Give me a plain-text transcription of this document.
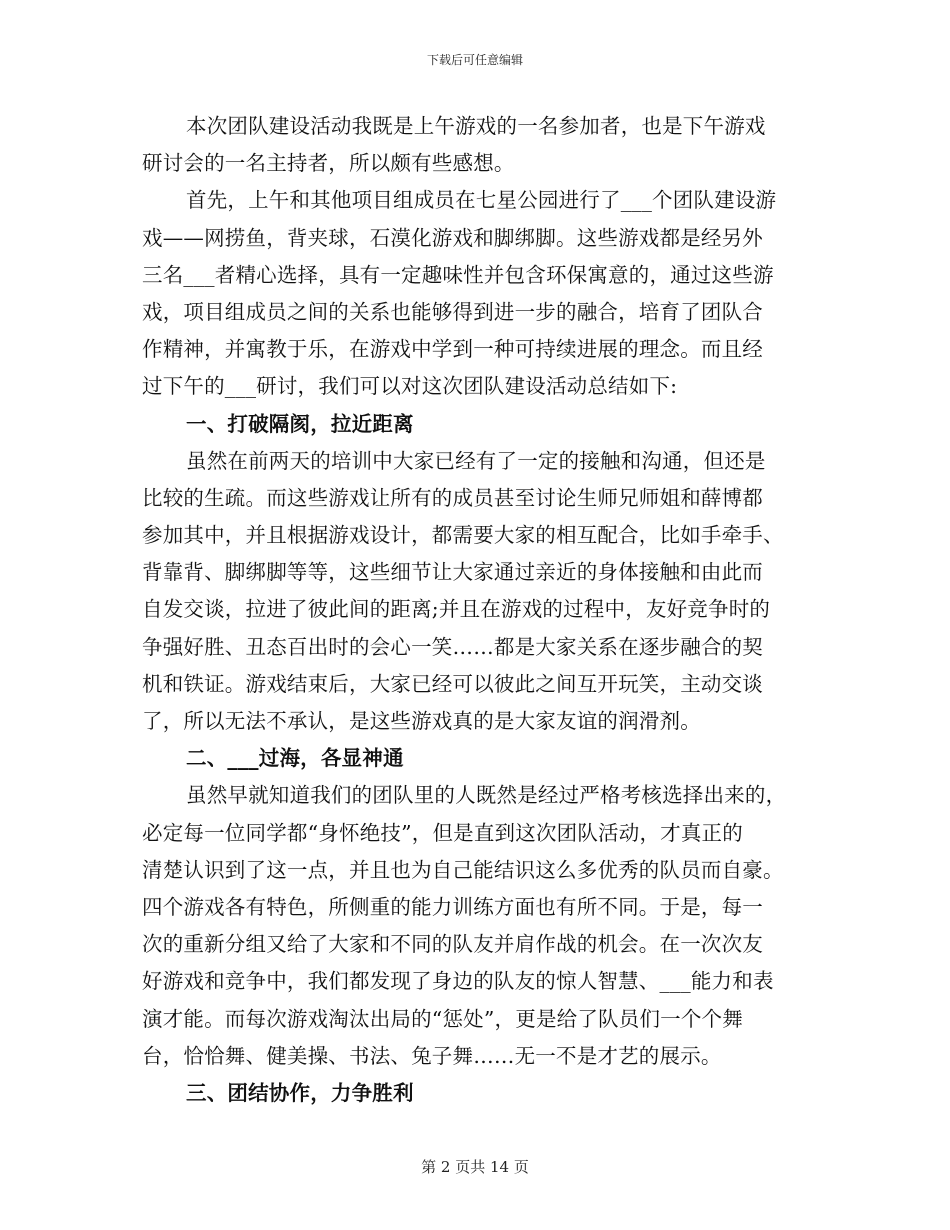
下载后可任意编辑
本次团队建设活动我既是上午游戏的一名参加者，也是下午游戏
研讨会的一名主持者，所以颇有些感想。
首先，上午和其他项目组成员在七星公园进行了___个团队建设游
戏——网捞鱼，背夹球，石漠化游戏和脚绑脚。这些游戏都是经另外
三名___者精心选择，具有一定趣味性并包含环保寓意的，通过这些游
戏，项目组成员之间的关系也能够得到进一步的融合，培育了团队合
作精神，并寓教于乐，在游戏中学到一种可持续进展的理念。而且经
过下午的___研讨，我们可以对这次团队建设活动总结如下:
一、打破隔阂，拉近距离
虽然在前两天的培训中大家已经有了一定的接触和沟通，但还是
比较的生疏。而这些游戏让所有的成员甚至讨论生师兄师姐和薛博都
参加其中，并且根据游戏设计，都需要大家的相互配合，比如手牵手、
背靠背、脚绑脚等等，这些细节让大家通过亲近的身体接触和由此而
自发交谈，拉进了彼此间的距离;并且在游戏的过程中，友好竞争时的
争强好胜、丑态百出时的会心一笑……都是大家关系在逐步融合的契
机和铁证。游戏结束后，大家已经可以彼此之间互开玩笑，主动交谈
了，所以无法不承认，是这些游戏真的是大家友谊的润滑剂。
二、___过海，各显神通
虽然早就知道我们的团队里的人既然是经过严格考核选择出来的，
必定每一位同学都“身怀绝技”，但是直到这次团队活动，才真正的
清楚认识到了这一点，并且也为自己能结识这么多优秀的队员而自豪。
四个游戏各有特色，所侧重的能力训练方面也有所不同。于是，每一
次的重新分组又给了大家和不同的队友并肩作战的机会。在一次次友
好游戏和竞争中，我们都发现了身边的队友的惊人智慧、___能力和表
演才能。而每次游戏淘汰出局的“惩处”，更是给了队员们一个个舞
台，恰恰舞、健美操、书法、兔子舞……无一不是才艺的展示。
三、团结协作，力争胜利
第 2 页共 14 页
